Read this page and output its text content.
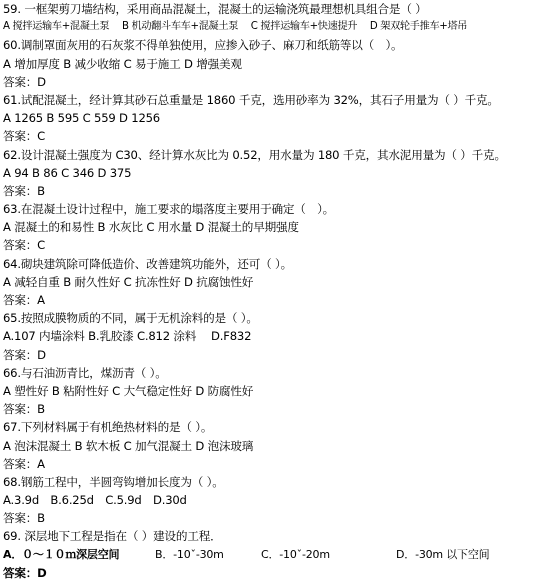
59. 一框架剪刀墙结构，采用商品混凝土，混凝土的运输浇筑最理想机具组合是（ ）
A 搅拌运输车+混凝土泵　 B 机动翻斗车车+混凝土泵　 C 搅拌运输车+快速提升　 D 架双轮手推车+塔吊
60.调制罩面灰用的石灰浆不得单独使用，应掺入砂子、麻刀和纸筋等以（　）。
A 增加厚度 B 减少收缩 C 易于施工 D 增强美观
答案：D
61.试配混凝土，经计算其砂石总重量是 1860 千克，选用砂率为 32%，其石子用量为（ ）千克。
A 1265 B 595 C 559 D 1256
答案：C
62.设计混凝土强度为 C30、经计算水灰比为 0.52，用水量为 180 千克，其水泥用量为（ ）千克。
A 94 B 86 C 346 D 375
答案：B
63.在混凝土设计过程中，施工要求的塌落度主要用于确定（　）。
A 混凝土的和易性 B 水灰比 C 用水量 D 混凝土的早期强度
答案：C
64.砌块建筑除可降低造价、改善建筑功能外，还可（ ）。
A 减轻自重 B 耐久性好 C 抗冻性好 D 抗腐蚀性好
答案：A
65.按照成膜物质的不同，属于无机涂料的是（ ）。
A.107 内墙涂料 B.乳胶漆 C.812 涂料　 D.F832
答案：D
66.与石油沥青比，煤沥青（ ）。
A 塑性好 B 粘附性好 C 大气稳定性好 D 防腐性好
答案：B
67.下列材料属于有机绝热材料的是（ ）。
A 泡沫混凝土 B 软木板 C 加气混凝土 D 泡沫玻璃
答案：A
68.钢筋工程中，半圆弯钩增加长度为（ ）。
A.3.9d　B.6.25d　C.5.9d　D.30d
答案：B
69. 深层地下工程是指在（ ）建设的工程．
A．０～１０ｍ深层空间	B．-10ˇ-30m	C．-10ˇ-20m	D．-30m 以下空间
答案：D
